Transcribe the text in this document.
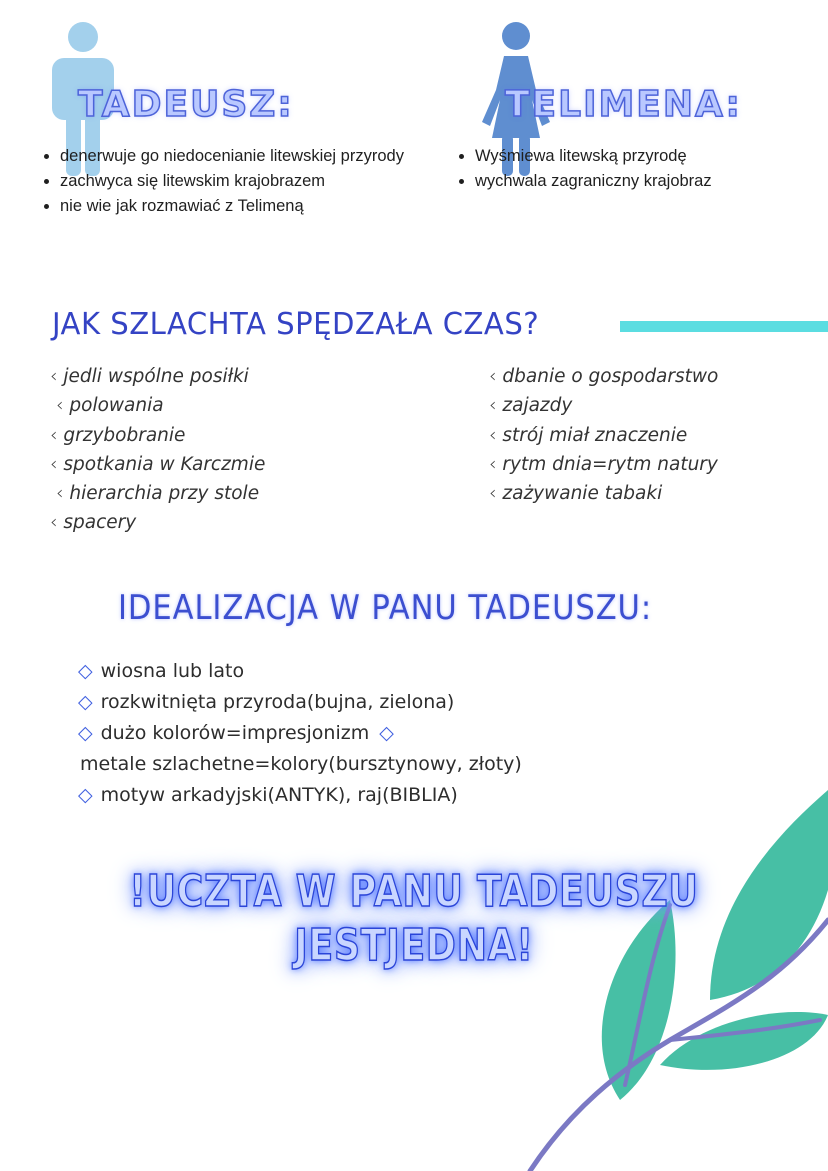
TADEUSZ:	TELIMENA:
• denerwuje go niedocenianie litewskiej przyrody
• zachwyca się litewskim krajobrazem
• nie wie jak rozmawiać z Telimeną
• Wyśmiewa litewską przyrodę
• wychwala zagraniczny krajobraz
JAK SZLACHTA SPĘDZAŁA CZAS?
‹ jedli wspólne posiłki
‹ polowania
‹ grzybobranie
‹ spotkania w Karczmie
‹ hierarchia przy stole
‹ spacery
‹ dbanie o gospodarstwo
‹ zajazdy
‹ strój miał znaczenie
‹ rytm dnia=rytm natury
‹ zażywanie tabaki
IDEALIZACJA W PANU TADEUSZU:
◇ wiosna lub lato
◇ rozkwitnięta przyroda(bujna, zielona)
◇ dużo kolorów=impresjonizm ◇
metale szlachetne=kolory(bursztynowy, złoty)
◇ motyw arkadyjski(ANTYK), raj(BIBLIA)
!UCZTA W PANU TADEUSZU
JESTJEDNA!
